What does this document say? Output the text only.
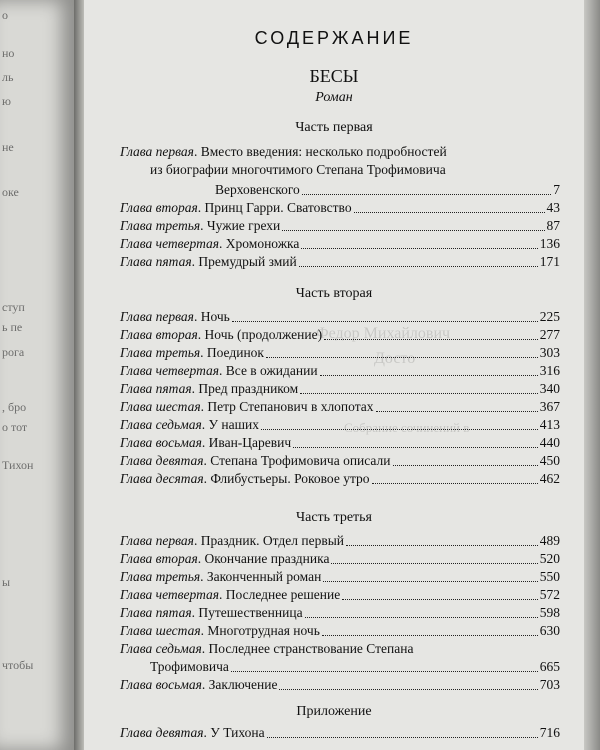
о
но
ль
ю
не
оке
ступ
ь пе
рога
, бро
о тот
Тихон
ы
чтобы
Федор Михайлович
Досто
Собрание сочинений в
СОДЕРЖАНИЕ
БЕСЫ
Роман
Часть первая
Глава первая. Вместо введения: несколько подробностей
из биографии многочтимого Степана Трофимовича
Верховенского	7
Глава вторая. Принц Гарри. Сватовство	43
Глава третья. Чужие грехи	87
Глава четвертая. Хромоножка	136
Глава пятая. Премудрый змий	171
Часть вторая
Глава первая. Ночь	225
Глава вторая. Ночь (продолжение)	277
Глава третья. Поединок	303
Глава четвертая. Все в ожидании	316
Глава пятая. Пред праздником	340
Глава шестая. Петр Степанович в хлопотах	367
Глава седьмая. У наших	413
Глава восьмая. Иван-Царевич	440
Глава девятая. Степана Трофимовича описали	450
Глава десятая. Флибустьеры. Роковое утро	462
Часть третья
Глава первая. Праздник. Отдел первый	489
Глава вторая. Окончание праздника	520
Глава третья. Законченный роман	550
Глава четвертая. Последнее решение	572
Глава пятая. Путешественница	598
Глава шестая. Многотрудная ночь	630
Глава седьмая. Последнее странствование Степана
Трофимовича	665
Глава восьмая. Заключение	703
Приложение
Глава девятая. У Тихона	716
